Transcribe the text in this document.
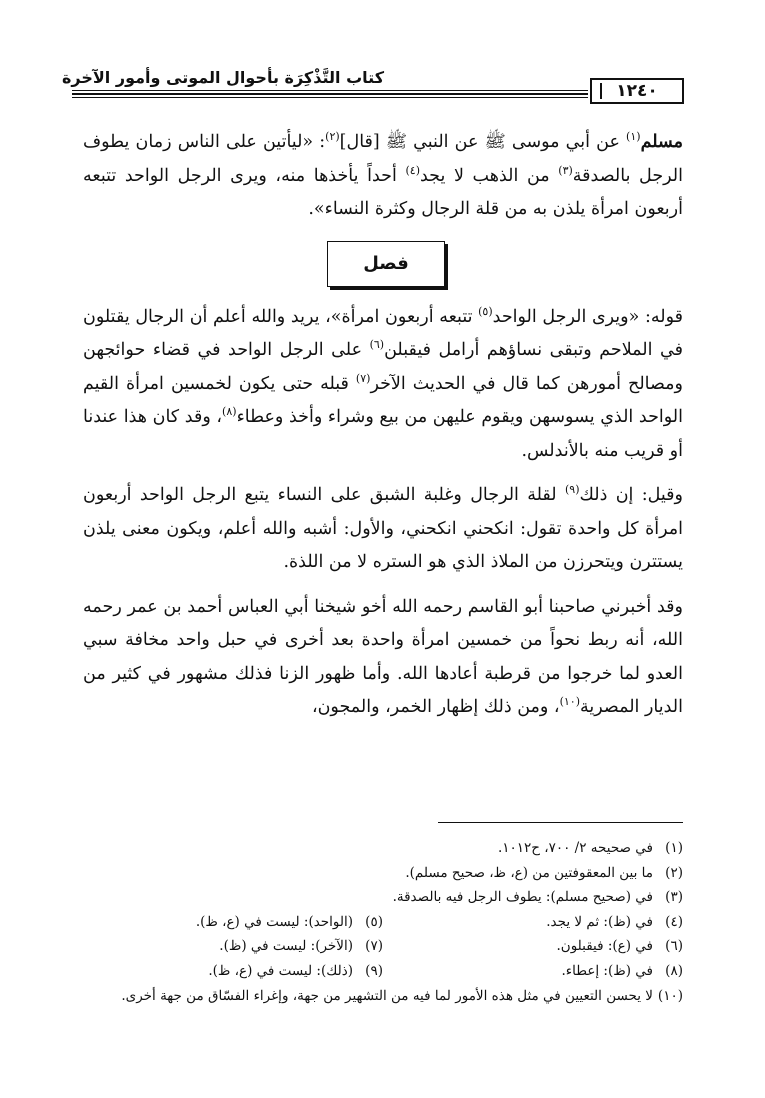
كتاب التَّذْكِرَة بأحوال الموتى وأمور الآخرة
١٢٤٠

مسلم$^{(١)}$ عن أبي موسى ﷺ عن النبي ﷺ [قال]$^{(٢)}$: «ليأتين على الناس زمان يطوف الرجل بالصدقة$^{(٣)}$ من الذهب لا يجد$^{(٤)}$ أحداً يأخذها منه، ويرى الرجل الواحد تتبعه أربعون امرأة يلذن به من قلة الرجال وكثرة النساء».

فصل

قوله: «ويرى الرجل الواحد$^{(٥)}$ تتبعه أربعون امرأة»، يريد والله أعلم أن الرجال يقتلون في الملاحم وتبقى نساؤهم أرامل فيقبلن$^{(٦)}$ على الرجل الواحد في قضاء حوائجهن ومصالح أمورهن كما قال في الحديث الآخر$^{(٧)}$ قبله حتى يكون لخمسين امرأة القيم الواحد الذي يسوسهن ويقوم عليهن من بيع وشراء وأخذ وعطاء$^{(٨)}$، وقد كان هذا عندنا أو قريب منه بالأندلس.

وقيل: إن ذلك$^{(٩)}$ لقلة الرجال وغلبة الشبق على النساء يتبع الرجل الواحد أربعون امرأة كل واحدة تقول: انكحني انكحني، والأول: أشبه والله أعلم، ويكون معنى يلذن يستترن ويتحرزن من الملاذ الذي هو الستره لا من اللذة.

وقد أخبرني صاحبنا أبو القاسم رحمه الله أخو شيخنا أبي العباس أحمد بن عمر رحمه الله، أنه ربط نحواً من خمسين امرأة واحدة بعد أخرى في حبل واحد مخافة سبي العدو لما خرجوا من قرطبة أعادها الله. وأما ظهور الزنا فذلك مشهور في كثير من الديار المصرية$^{(١٠)}$، ومن ذلك إظهار الخمر، والمجون،

(١)
في صحيحه ٢/ ٧٠٠، ح١٠١٢.
(٢)
ما بين المعقوفتين من (ع، ظ، صحيح مسلم).
(٣)
في (صحيح مسلم): يطوف الرجل فيه بالصدقة.
(٤)
في (ظ): ثم لا يجد.
(٥)
(الواحد): ليست في (ع، ظ).
(٦)
في (ع): فيقبلون.
(٧)
(الآخر): ليست في (ظ).
(٨)
في (ظ): إعطاء.
(٩)
(ذلك): ليست في (ع، ظ).
(١٠)
لا يحسن التعيين في مثل هذه الأمور لما فيه من التشهير من جهة، وإغراء الفسّاق من جهة أخرى.
